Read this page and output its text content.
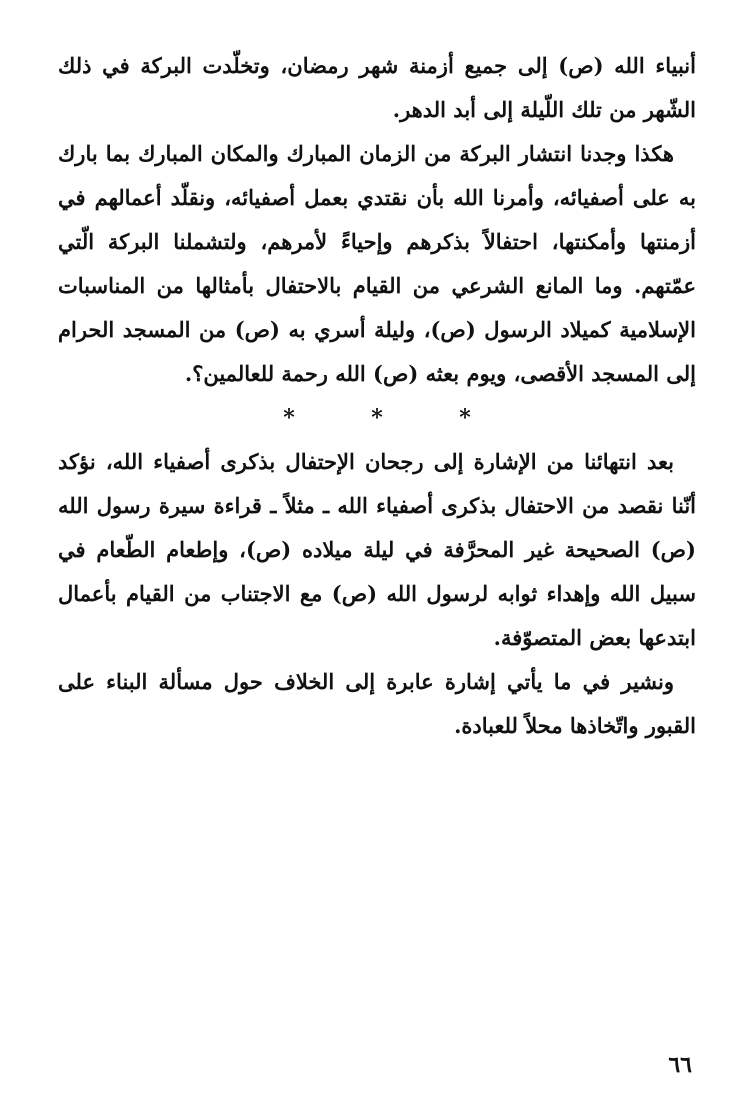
أنبياء الله (ص) إلى جميع أزمنة شهر رمضان، وتخلّدت البركة في ذلك الشّهر من تلك اللّيلة إلى أبد الدهر.

هكذا وجدنا انتشار البركة من الزمان المبارك والمكان المبارك بما بارك به على أصفيائه، وأمرنا الله بأن نقتدي بعمل أصفيائه، ونقلّد أعمالهم في أزمنتها وأمكنتها، احتفالاً بذكرهم وإحياءً لأمرهم، ولتشملنا البركة الّتي عمّتهم. وما المانع الشرعي من القيام بالاحتفال بأمثالها من المناسبات الإسلامية كميلاد الرسول (ص)، وليلة أسري به (ص) من المسجد الحرام إلى المسجد الأقصى، ويوم بعثه (ص) الله رحمة للعالمين؟.

*	*	*

بعد انتهائنا من الإشارة إلى رجحان الإحتفال بذكرى أصفياء الله، نؤكد أنّنا نقصد من الاحتفال بذكرى أصفياء الله ـ مثلاً ـ قراءة سيرة رسول الله (ص) الصحيحة غير المحرَّفة في ليلة ميلاده (ص)، وإطعام الطّعام في سبيل الله وإهداء ثوابه لرسول الله (ص) مع الاجتناب من القيام بأعمال ابتدعها بعض المتصوّفة.

ونشير في ما يأتي إشارة عابرة إلى الخلاف حول مسألة البناء على القبور واتّخاذها محلاً للعبادة.

٦٦
